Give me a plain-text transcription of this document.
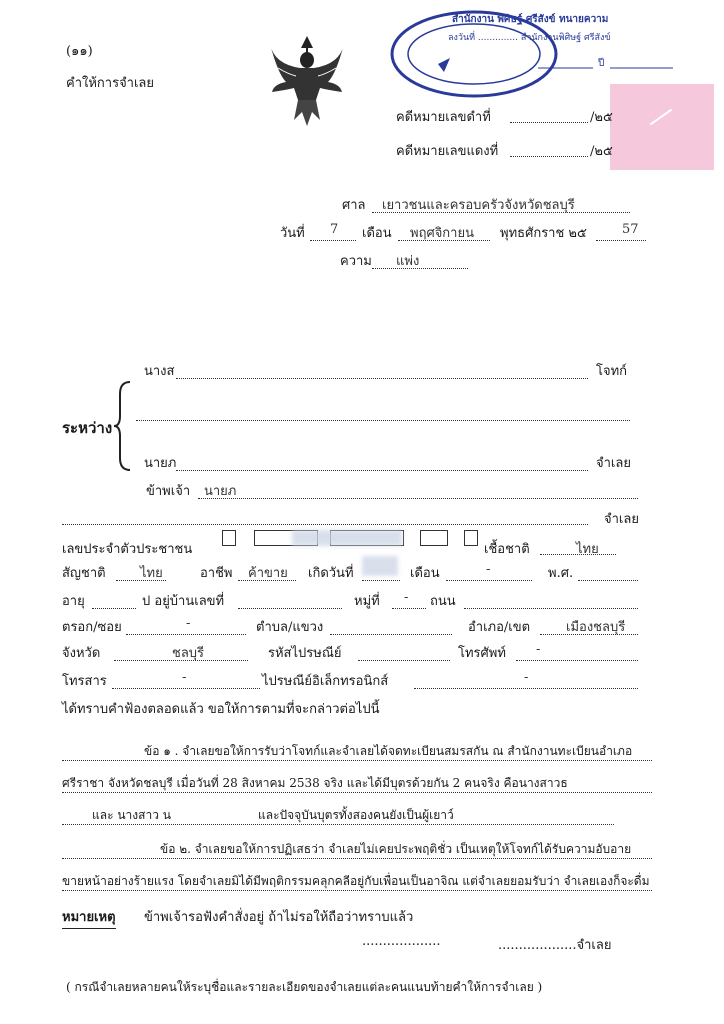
(๑๑)
คำให้การจำเลย
สำนักงาน พิศิษฐ์ ศรีสังข์ ทนายความ
ลงวันที่ .............. สำนักงานพิศิษฐ์ ศรีสังข์
ปี
คดีหมายเลขดำที่	/๒๕
คดีหมายเลขแดงที่	/๒๕
ศาล เยาวชนและครอบครัวจังหวัดชลบุรี
วันที่ 7 เดือน พฤศจิกายน พุทธศักราช ๒๕	57
ความ แพ่ง
ระหว่าง
นางส	โจทก์
นายภ	จำเลย
ข้าพเจ้า นายภ
จำเลย
เลขประจำตัวประชาชน	เชื้อชาติ	ไทย
สัญชาติ	ไทย	อาชีพ ค้าขาย เกิดวันที่	เดือน	-	พ.ศ.
อายุ	ป อยู่บ้านเลขที่	หมู่ที่ - ถนน
ตรอก/ซอย	-	ตำบล/แขวง	อำเภอ/เขต	เมืองชลบุรี
จังหวัด	ชลบุรี	รหัสไปรษณีย์	โทรศัพท์ -
โทรสาร	-	ไปรษณีย์อิเล็กทรอนิกส์	-
ได้ทราบคำฟ้องตลอดแล้ว ขอให้การตามที่จะกล่าวต่อไปนี้
ข้อ ๑ . จำเลยขอให้การรับว่าโจทก์และจำเลยได้จดทะเบียนสมรสกัน ณ สำนักงานทะเบียนอำเภอ
ศรีราชา จังหวัดชลบุรี เมื่อวันที่ 28 สิงหาคม 2538 จริง และได้มีบุตรด้วยกัน 2 คนจริง คือนางสาวธ
และ นางสาว น	และปัจจุบันบุตรทั้งสองคนยังเป็นผู้เยาว์
ข้อ ๒. จำเลยขอให้การปฏิเสธว่า จำเลยไม่เคยประพฤติชั่ว เป็นเหตุให้โจทก์ได้รับความอับอาย
ขายหน้าอย่างร้ายแรง โดยจำเลยมิได้มีพฤติกรรมคลุกคลีอยู่กับเพื่อนเป็นอาจิณ แต่จำเลยยอมรับว่า จำเลยเองก็จะดื่ม
หมายเหตุ ข้าพเจ้ารอฟังคำสั่งอยู่ ถ้าไม่รอให้ถือว่าทราบแล้ว
...................	...................จำเลย
( กรณีจำเลยหลายคนให้ระบุชื่อและรายละเอียดของจำเลยแต่ละคนแนบท้ายคำให้การจำเลย )
